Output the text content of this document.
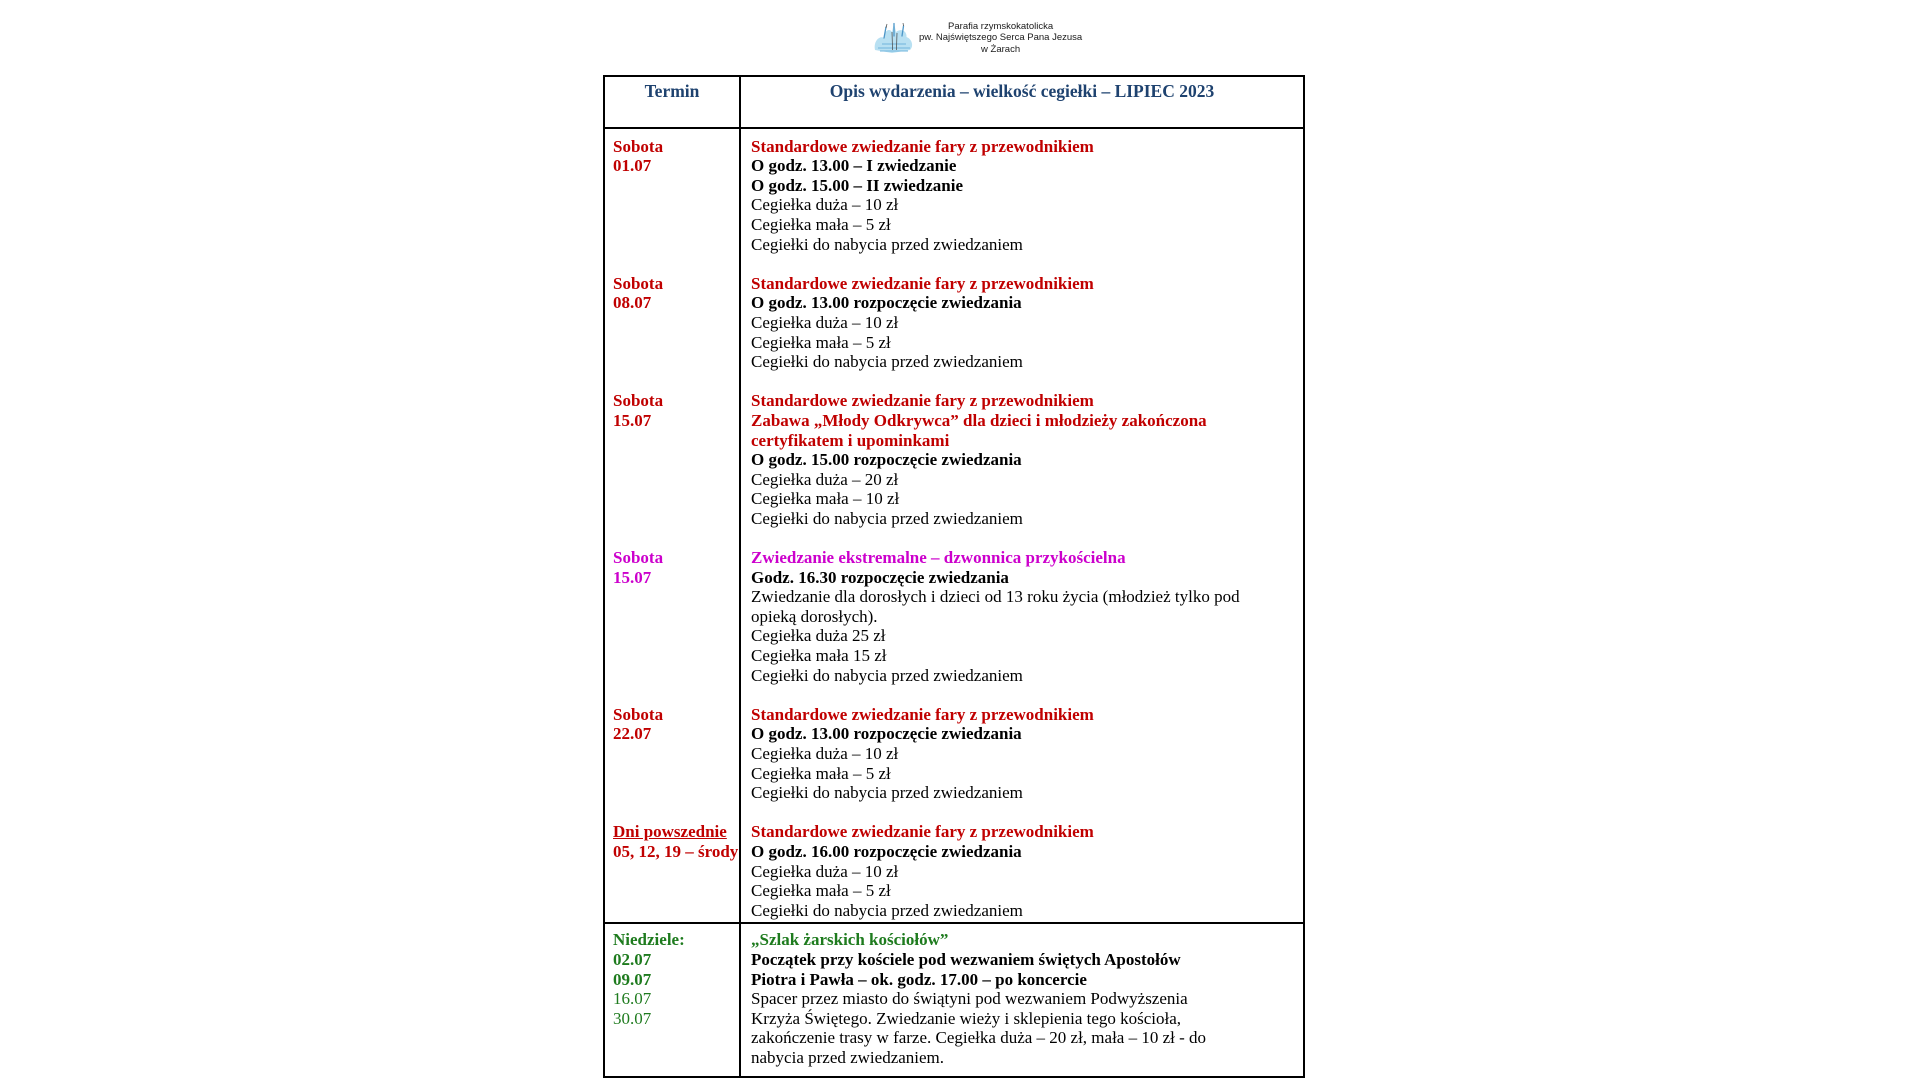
Parafia rzymskokatolicka
pw. Najświętszego Serca Pana Jezusa
w Żarach
Termin	Opis wydarzenia – wielkość cegiełki – LIPIEC 2023
Sobota
01.07
Standardowe zwiedzanie fary z przewodnikiem
O godz. 13.00 – I zwiedzanie
O godz. 15.00 – II zwiedzanie
Cegiełka duża – 10 zł
Cegiełka mała – 5 zł
Cegiełki do nabycia przed zwiedzaniem
Sobota
08.07
Standardowe zwiedzanie fary z przewodnikiem
O godz. 13.00 rozpoczęcie zwiedzania
Cegiełka duża – 10 zł
Cegiełka mała – 5 zł
Cegiełki do nabycia przed zwiedzaniem
Sobota
15.07
Standardowe zwiedzanie fary z przewodnikiem
Zabawa „Młody Odkrywca” dla dzieci i młodzieży zakończona
certyfikatem i upominkami
O godz. 15.00 rozpoczęcie zwiedzania
Cegiełka duża – 20 zł
Cegiełka mała – 10 zł
Cegiełki do nabycia przed zwiedzaniem
Sobota
15.07
Zwiedzanie ekstremalne – dzwonnica przykościelna
Godz. 16.30 rozpoczęcie zwiedzania
Zwiedzanie dla dorosłych i dzieci od 13 roku życia (młodzież tylko pod
opieką dorosłych).
Cegiełka duża 25 zł
Cegiełka mała 15 zł
Cegiełki do nabycia przed zwiedzaniem
Sobota
22.07
Standardowe zwiedzanie fary z przewodnikiem
O godz. 13.00 rozpoczęcie zwiedzania
Cegiełka duża – 10 zł
Cegiełka mała – 5 zł
Cegiełki do nabycia przed zwiedzaniem
Dni powszednie
05, 12, 19 – środy
Standardowe zwiedzanie fary z przewodnikiem
O godz. 16.00 rozpoczęcie zwiedzania
Cegiełka duża – 10 zł
Cegiełka mała – 5 zł
Cegiełki do nabycia przed zwiedzaniem
Niedziele:
02.07
09.07
16.07
30.07
„Szlak żarskich kościołów”
Początek przy kościele pod wezwaniem świętych Apostołów
Piotra i Pawła – ok. godz. 17.00 – po koncercie
Spacer przez miasto do świątyni pod wezwaniem Podwyższenia
Krzyża Świętego. Zwiedzanie wieży i sklepienia tego kościoła,
zakończenie trasy w farze. Cegiełka duża – 20 zł, mała – 10 zł - do
nabycia przed zwiedzaniem.
